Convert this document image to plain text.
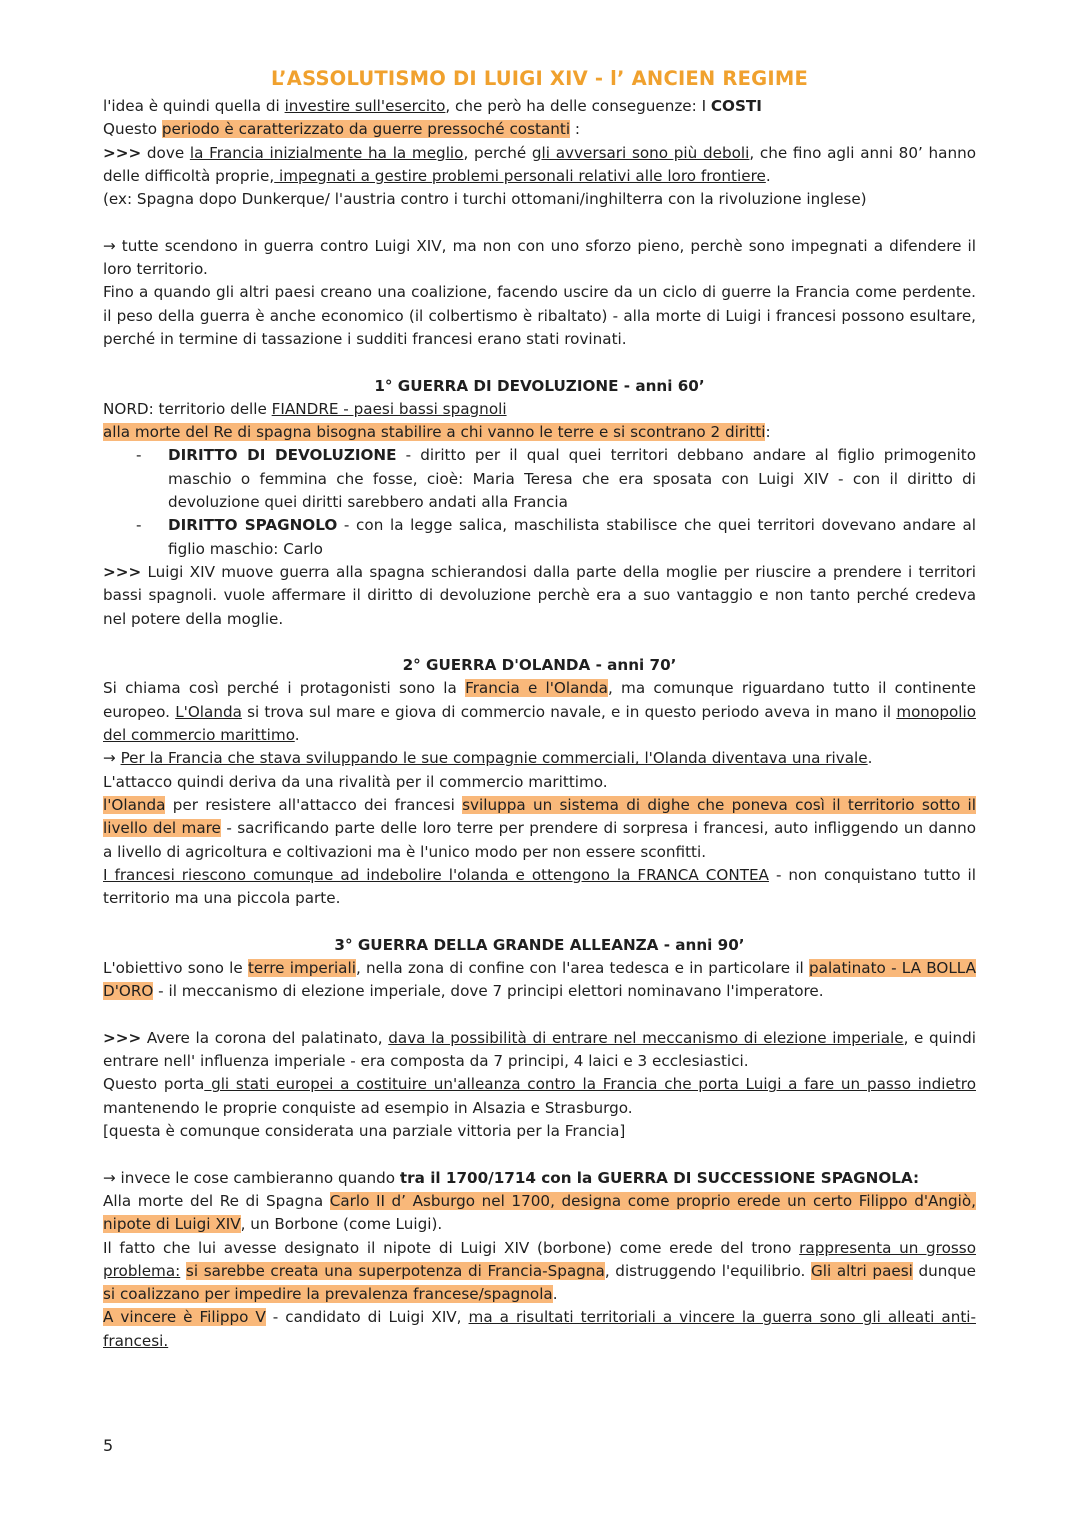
L’ASSOLUTISMO DI LUIGI XIV - l’ ANCIEN REGIME

l'idea è quindi quella di investire sull'esercito, che però ha delle conseguenze: I COSTI

Questo periodo è caratterizzato da guerre pressoché costanti :

>>> dove la Francia inizialmente ha la meglio, perché gli avversari sono più deboli, che fino agli anni 80’ hanno delle difficoltà proprie, impegnati a gestire problemi personali relativi alle loro frontiere.

(ex: Spagna dopo Dunkerque/ l'austria contro i turchi ottomani/inghilterra con la rivoluzione inglese)

→ tutte scendono in guerra contro Luigi XIV, ma non con uno sforzo pieno, perchè sono impegnati a difendere il loro territorio.

Fino a quando gli altri paesi creano una coalizione, facendo uscire da un ciclo di guerre la Francia come perdente. il peso della guerra è anche economico (il colbertismo è ribaltato) - alla morte di Luigi i francesi possono esultare, perché in termine di tassazione i sudditi francesi erano stati rovinati.

1° GUERRA DI DEVOLUZIONE - anni 60’

NORD: territorio delle FIANDRE - paesi bassi spagnoli

alla morte del Re di spagna bisogna stabilire a chi vanno le terre e si scontrano 2 diritti:

- DIRITTO DI DEVOLUZIONE - diritto per il qual quei territori debbano andare al figlio primogenito maschio o femmina che fosse, cioè: Maria Teresa che era sposata con Luigi XIV - con il diritto di devoluzione quei diritti sarebbero andati alla Francia
- DIRITTO SPAGNOLO - con la legge salica, maschilista stabilisce che quei territori dovevano andare al figlio maschio: Carlo

>>> Luigi XIV muove guerra alla spagna schierandosi dalla parte della moglie per riuscire a prendere i territori bassi spagnoli. vuole affermare il diritto di devoluzione perchè era a suo vantaggio e non tanto perché credeva nel potere della moglie.

2° GUERRA D'OLANDA - anni 70’

Si chiama così perché i protagonisti sono la Francia e l'Olanda, ma comunque riguardano tutto il continente europeo. L'Olanda si trova sul mare e giova di commercio navale, e in questo periodo aveva in mano il monopolio del commercio marittimo.

→ Per la Francia che stava sviluppando le sue compagnie commerciali, l'Olanda diventava una rivale.

L'attacco quindi deriva da una rivalità per il commercio marittimo.

l'Olanda per resistere all'attacco dei francesi sviluppa un sistema di dighe che poneva così il territorio sotto il livello del mare - sacrificando parte delle loro terre per prendere di sorpresa i francesi, auto infliggendo un danno a livello di agricoltura e coltivazioni ma è l'unico modo per non essere sconfitti.

I francesi riescono comunque ad indebolire l'olanda e ottengono la FRANCA CONTEA - non conquistano tutto il territorio ma una piccola parte.

3° GUERRA DELLA GRANDE ALLEANZA - anni 90’

L'obiettivo sono le terre imperiali, nella zona di confine con l'area tedesca e in particolare il palatinato - LA BOLLA D'ORO - il meccanismo di elezione imperiale, dove 7 principi elettori nominavano l'imperatore.

>>> Avere la corona del palatinato, dava la possibilità di entrare nel meccanismo di elezione imperiale, e quindi entrare nell' influenza imperiale - era composta da 7 principi, 4 laici e 3 ecclesiastici.

Questo porta gli stati europei a costituire un'alleanza contro la Francia che porta Luigi a fare un passo indietro mantenendo le proprie conquiste ad esempio in Alsazia e Strasburgo.

[questa è comunque considerata una parziale vittoria per la Francia]

→ invece le cose cambieranno quando tra il 1700/1714 con la GUERRA DI SUCCESSIONE SPAGNOLA:

Alla morte del Re di Spagna Carlo II d’ Asburgo nel 1700, designa come proprio erede un certo Filippo d'Angiò, nipote di Luigi XIV, un Borbone (come Luigi).

Il fatto che lui avesse designato il nipote di Luigi XIV (borbone) come erede del trono rappresenta un grosso problema: si sarebbe creata una superpotenza di Francia-Spagna, distruggendo l'equilibrio. Gli altri paesi dunque si coalizzano per impedire la prevalenza francese/spagnola.

A vincere è Filippo V - candidato di Luigi XIV, ma a risultati territoriali a vincere la guerra sono gli alleati anti-francesi.

5
